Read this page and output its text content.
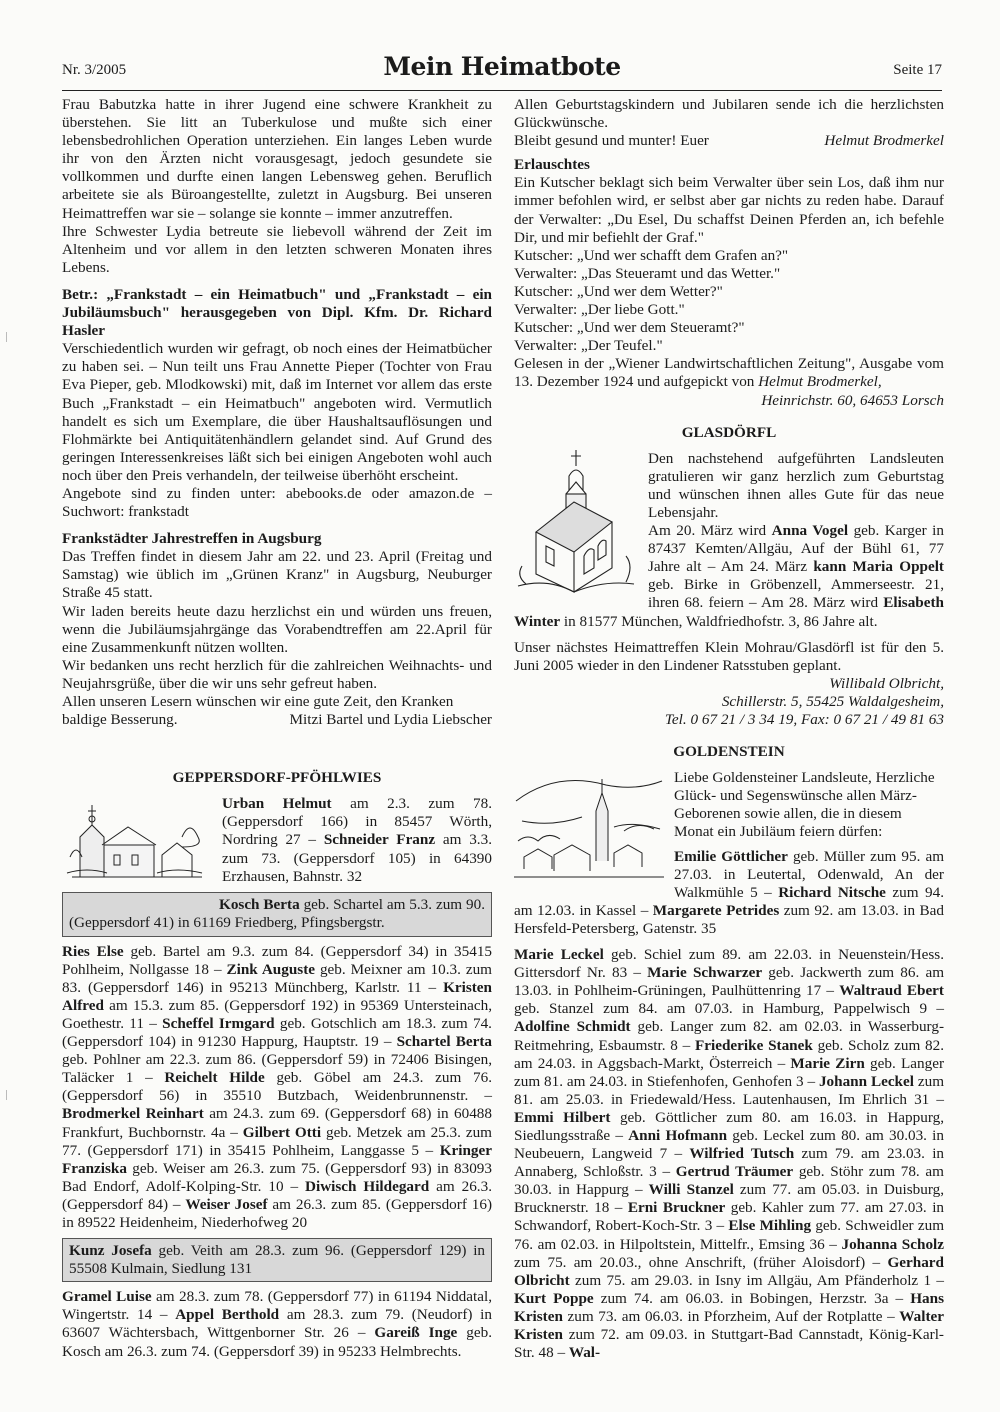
Nr. 3/2005	Mein Heimatbote	Seite 17

Frau Babutzka hatte in ihrer Jugend eine schwere Krankheit zu überstehen. Sie litt an Tuberkulose und mußte sich einer lebensbedrohlichen Operation unterziehen. Ein langes Leben wurde ihr von den Ärzten nicht vorausgesagt, jedoch gesundete sie vollkommen und durfte einen langen Lebensweg gehen. Beruflich arbeitete sie als Büroangestellte, zuletzt in Augsburg. Bei unseren Heimattreffen war sie – solange sie konnte – immer anzutreffen.

Ihre Schwester Lydia betreute sie liebevoll während der Zeit im Altenheim und vor allem in den letzten schweren Monaten ihres Lebens.

Betr.: „Frankstadt – ein Heimatbuch" und „Frankstadt – ein Jubiläumsbuch" herausgegeben von Dipl. Kfm. Dr. Richard Hasler

Verschiedentlich wurden wir gefragt, ob noch eines der Heimatbücher zu haben sei. – Nun teilt uns Frau Annette Pieper (Tochter von Frau Eva Pieper, geb. Mlodkowski) mit, daß im Internet vor allem das erste Buch „Frankstadt – ein Heimatbuch" angeboten wird. Vermutlich handelt es sich um Exemplare, die über Haushaltsauflösungen und Flohmärkte bei Antiquitätenhändlern gelandet sind. Auf Grund des geringen Interessenkreises läßt sich bei einigen Angeboten wohl auch noch über den Preis verhandeln, der teilweise überhöht erscheint.

Angebote sind zu finden unter: abebooks.de oder amazon.de – Suchwort: frankstadt

Frankstädter Jahrestreffen in Augsburg

Das Treffen findet in diesem Jahr am 22. und 23. April (Freitag und Samstag) wie üblich im „Grünen Kranz" in Augsburg, Neuburger Straße 45 statt.

Wir laden bereits heute dazu herzlichst ein und würden uns freuen, wenn die Jubiläumsjahrgänge das Vorabendtreffen am 22.April für eine Zusammenkunft nützen wollten.

Wir bedanken uns recht herzlich für die zahlreichen Weihnachts- und Neujahrsgrüße, über die wir uns sehr gefreut haben.

Allen unseren Lesern wünschen wir eine gute Zeit, den Kranken baldige Besserung.	Mitzi Bartel und Lydia Liebscher

GEPPERSDORF-PFÖHLWIES

Urban Helmut am 2.3. zum 78. (Geppersdorf 166) in 85457 Wörth, Nordring 27 – Schneider Franz am 3.3. zum 73. (Geppersdorf 105) in 64390 Erzhausen, Bahnstr. 32

Kosch Berta geb. Schartel am 5.3. zum 90. (Geppersdorf 41) in 61169 Friedberg, Pfingsbergstr.

Ries Else geb. Bartel am 9.3. zum 84. (Geppersdorf 34) in 35415 Pohlheim, Nollgasse 18 – Zink Auguste geb. Meixner am 10.3. zum 83. (Geppersdorf 146) in 95213 Münchberg, Karlstr. 11 – Kristen Alfred am 15.3. zum 85. (Geppersdorf 192) in 95369 Untersteinach, Goethestr. 11 – Scheffel Irmgard geb. Gotschlich am 18.3. zum 74. (Geppersdorf 104) in 91230 Happurg, Hauptstr. 19 – Schartel Berta geb. Pohlner am 22.3. zum 86. (Geppersdorf 59) in 72406 Bisingen, Taläcker 1 – Reichelt Hilde geb. Göbel am 24.3. zum 76. (Geppersdorf 56) in 35510 Butzbach, Weidenbrunnenstr. – Brodmerkel Reinhart am 24.3. zum 69. (Geppersdorf 68) in 60488 Frankfurt, Buchbornstr. 4a – Gilbert Otti geb. Metzek am 25.3. zum 77. (Geppersdorf 171) in 35415 Pohlheim, Langgasse 5 – Kringer Franziska geb. Weiser am 26.3. zum 75. (Geppersdorf 93) in 83093 Bad Endorf, Adolf-Kolping-Str. 10 – Diwisch Hildegard am 26.3. (Geppersdorf 84) – Weiser Josef am 26.3. zum 85. (Geppersdorf 16) in 89522 Heidenheim, Niederhofweg 20

Kunz Josefa geb. Veith am 28.3. zum 96. (Geppersdorf 129) in 55508 Kulmain, Siedlung 131

Gramel Luise am 28.3. zum 78. (Geppersdorf 77) in 61194 Niddatal, Wingertstr. 14 – Appel Berthold am 28.3. zum 79. (Neudorf) in 63607 Wächtersbach, Wittgenborner Str. 26 – Gareiß Inge geb. Kosch am 26.3. zum 74. (Geppersdorf 39) in 95233 Helmbrechts.

Allen Geburtstagskindern und Jubilaren sende ich die herzlichsten Glückwünsche.

Bleibt gesund und munter! Euer	Helmut Brodmerkel

Erlauschtes

Ein Kutscher beklagt sich beim Verwalter über sein Los, daß ihm nur immer befohlen wird, er selbst aber gar nichts zu reden habe. Darauf der Verwalter: „Du Esel, Du schaffst Deinen Pferden an, ich befehle Dir, und mir befiehlt der Graf."

Kutscher: „Und wer schafft dem Grafen an?"

Verwalter: „Das Steueramt und das Wetter."

Kutscher: „Und wer dem Wetter?"

Verwalter: „Der liebe Gott."

Kutscher: „Und wer dem Steueramt?"

Verwalter: „Der Teufel."

Gelesen in der „Wiener Landwirtschaftlichen Zeitung", Ausgabe vom 13. Dezember 1924 und aufgepickt von Helmut Brodmerkel,

Heinrichstr. 60, 64653 Lorsch

GLASDÖRFL

Den nachstehend aufgeführten Landsleuten gratulieren wir ganz herzlich zum Geburtstag und wünschen ihnen alles Gute für das neue Lebensjahr.

Am 20. März wird Anna Vogel geb. Karger in 87437 Kemten/Allgäu, Auf der Bühl 61, 77 Jahre alt – Am 24. März kann Maria Oppelt geb. Birke in Gröbenzell, Ammerseestr. 21, ihren 68. feiern – Am 28. März wird Elisabeth Winter in 81577 München, Waldfriedhofstr. 3, 86 Jahre alt.

Unser nächstes Heimattreffen Klein Mohrau/Glasdörfl ist für den 5. Juni 2005 wieder in den Lindener Ratsstuben geplant.

Willibald Olbricht,

Schillerstr. 5, 55425 Waldalgesheim,

Tel. 0 67 21 / 3 34 19, Fax: 0 67 21 / 49 81 63

GOLDENSTEIN

Liebe Goldensteiner Landsleute, Herzliche Glück- und Segenswünsche allen März-Geborenen sowie allen, die in diesem Monat ein Jubiläum feiern dürfen:

Emilie Göttlicher geb. Müller zum 95. am 27.03. in Leutertal, Odenwald, An der Walkmühle 5 – Richard Nitsche zum 94. am 12.03. in Kassel – Margarete Petrides zum 92. am 13.03. in Bad Hersfeld-Petersberg, Gatenstr. 35

Marie Leckel geb. Schiel zum 89. am 22.03. in Neuenstein/Hess. Gittersdorf Nr. 83 – Marie Schwarzer geb. Jackwerth zum 86. am 13.03. in Pohlheim-Grüningen, Paulhüttenring 17 – Waltraud Ebert geb. Stanzel zum 84. am 07.03. in Hamburg, Pappelwisch 9 – Adolfine Schmidt geb. Langer zum 82. am 02.03. in Wasserburg-Reitmehring, Esbaumstr. 8 – Friederike Stanek geb. Scholz zum 82. am 24.03. in Aggsbach-Markt, Österreich – Marie Zirn geb. Langer zum 81. am 24.03. in Stiefenhofen, Genhofen 3 – Johann Leckel zum 81. am 25.03. in Friedewald/Hess. Lautenhausen, Im Ehrlich 31 – Emmi Hilbert geb. Göttlicher zum 80. am 16.03. in Happurg, Siedlungsstraße – Anni Hofmann geb. Leckel zum 80. am 30.03. in Neubeuern, Langweid 7 – Wilfried Tutsch zum 79. am 23.03. in Annaberg, Schloßstr. 3 – Gertrud Träumer geb. Stöhr zum 78. am 30.03. in Happurg – Willi Stanzel zum 77. am 05.03. in Duisburg, Brucknerstr. 18 – Erni Bruckner geb. Kahler zum 77. am 27.03. in Schwandorf, Robert-Koch-Str. 3 – Else Mihling geb. Schweidler zum 76. am 02.03. in Hilpoltstein, Mittelfr., Emsing 36 – Johanna Scholz zum 75. am 20.03., ohne Anschrift, (früher Aloisdorf) – Gerhard Olbricht zum 75. am 29.03. in Isny im Allgäu, Am Pfänderholz 1 – Kurt Poppe zum 74. am 06.03. in Bobingen, Herzstr. 3a – Hans Kristen zum 73. am 06.03. in Pforzheim, Auf der Rotplatte – Walter Kristen zum 72. am 09.03. in Stuttgart-Bad Cannstadt, König-Karl-Str. 48 – Wal-
